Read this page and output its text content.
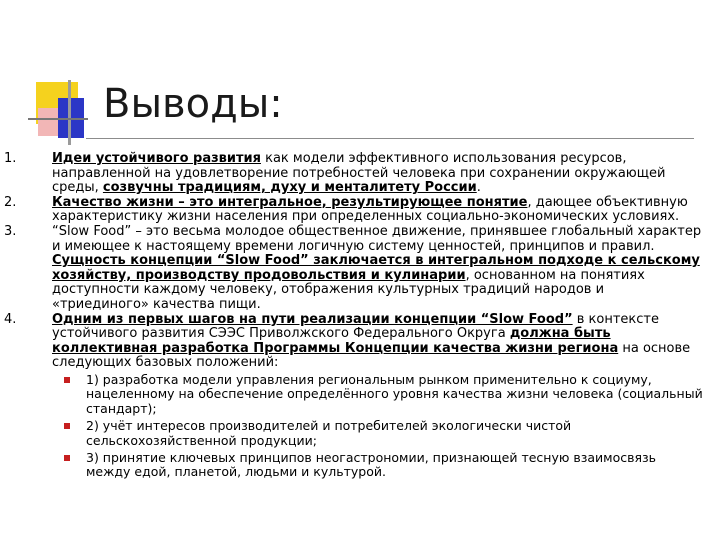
Выводы:

1.	Идеи устойчивого развития как модели эффективного использования ресурсов, направленной на удовлетворение потребностей человека при сохранении окружающей среды, созвучны традициям, духу и менталитету России.

2.	Качество жизни – это интегральное, результирующее понятие, дающее объективную характеристику жизни населения при определенных социально-экономических условиях.

3.	“Slow Food” – это весьма молодое общественное движение, принявшее глобальный характер и имеющее к настоящему времени логичную систему ценностей, принципов и правил. Сущность концепции “Slow Food” заключается в интегральном подходе к сельскому хозяйству, производству продовольствия и кулинарии, основанном на понятиях доступности каждому человеку, отображения культурных традиций народов и «триединого» качества пищи.

4.	Одним из первых шагов на пути реализации концепции “Slow Food” в контексте устойчивого развития СЭЭС Приволжского Федерального Округа должна быть коллективная разработка Программы Концепции качества жизни региона на основе следующих базовых положений:

1) разработка модели управления региональным рынком применительно к социуму, нацеленному на обеспечение определённого уровня качества жизни человека (социальный стандарт);

2) учёт интересов производителей и потребителей экологически чистой сельскохозяйственной продукции;

3) принятие ключевых принципов неогастрономии, признающей тесную взаимосвязь между едой, планетой, людьми и культурой.
